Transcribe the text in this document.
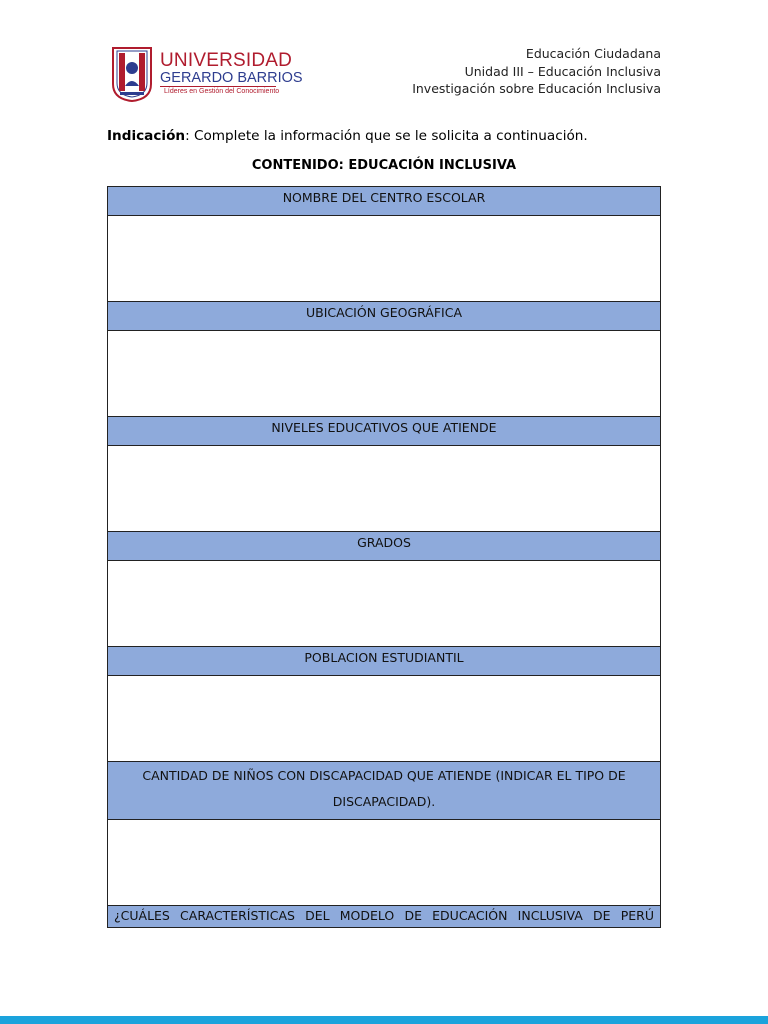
UNIVERSIDAD
GERARDO BARRIOS
Líderes en Gestión del Conocimiento
Educación Ciudadana
Unidad III – Educación Inclusiva
Investigación sobre Educación Inclusiva
Indicación: Complete la información que se le solicita a continuación.
CONTENIDO: EDUCACIÓN INCLUSIVA
NOMBRE DEL CENTRO ESCOLAR
UBICACIÓN GEOGRÁFICA
NIVELES EDUCATIVOS QUE ATIENDE
GRADOS
POBLACION ESTUDIANTIL
CANTIDAD DE NIÑOS CON DISCAPACIDAD QUE ATIENDE (INDICAR EL TIPO DE DISCAPACIDAD).
¿CUÁLES CARACTERÍSTICAS DEL MODELO DE EDUCACIÓN INCLUSIVA DE PERÚ
